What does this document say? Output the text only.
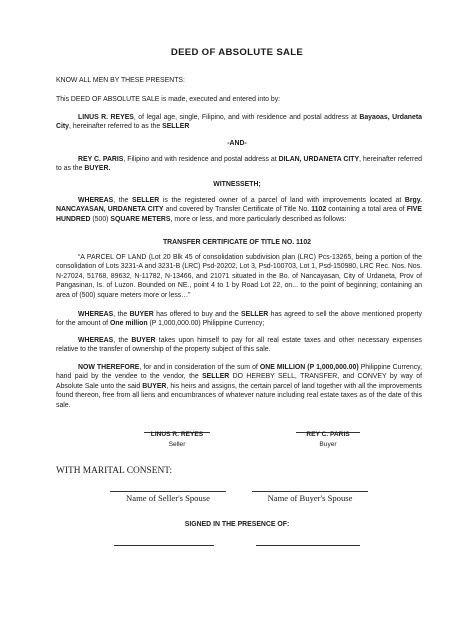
DEED OF ABSOLUTE SALE

KNOW ALL MEN BY THESE PRESENTS:

This DEED OF ABSOLUTE SALE is made, executed and entered into by:

LINUS R. REYES, of legal age, single, Filipino, and with residence and postal address at Bayaoas, Urdaneta City, hereinafter referred to as the SELLER

-AND-

REY C. PARIS, Filipino and with residence and postal address at DILAN, URDANETA CITY, hereinafter referred to as the BUYER.

WITNESSETH;

WHEREAS, the SELLER is the registered owner of a parcel of land with improvements located at Brgy. NANCAYASAN, URDANETA CITY and covered by Transfer Certificate of Title No. 1102 containing a total area of FIVE HUNDRED (500) SQUARE METERS, more or less, and more particularly described as follows:

TRANSFER CERTIFICATE OF TITLE NO. 1102

“A PARCEL OF LAND (Lot 20 Blk 45 of consolidation subdivision plan (LRC) Pcs-13265, being a portion of the consolidation of Lots 3231-A and 3231-B (LRC) Psd-20202, Lot 3, Psd-100703, Lot 1, Psd-150980, LRC Rec. Nos. Nos. N-27024, 51768, 89632, N-11782, N-13466, and 21071 situated in the Bo. of Nancayasan, City of Urdaneta, Prov of Pangasinan, Is. of Luzon. Bounded on NE., point 4 to 1 by Road Lot 22, on... to the point of beginning; containing an area of (500) square meters more or less…”

WHEREAS, the BUYER has offered to buy and the SELLER has agreed to sell the above mentioned property for the amount of One million (P 1,000,000.00) Philippine Currency;

WHEREAS, the BUYER takes upon himself to pay for all real estate taxes and other necessary expenses relative to the transfer of ownership of the property subject of this sale.

NOW THEREFORE, for and in consideration of the sum of ONE MILLION (P 1,000,000.00) Philippine Currency, hand paid by the vendee to the vendor, the SELLER DO HEREBY SELL, TRANSFER, and CONVEY by way of Absolute Sale unto the said BUYER, his heirs and assigns, the certain parcel of land together with all the improvements found thereon, free from all liens and encumbrances of whatever nature including real estate taxes as of the date of this sale.

LINUS R. REYES
Seller
REY C. PARIS
Buyer
WITH MARITAL CONSENT:
Name of Seller's Spouse	Name of Buyer's Spouse
SIGNED IN THE PRESENCE OF:
